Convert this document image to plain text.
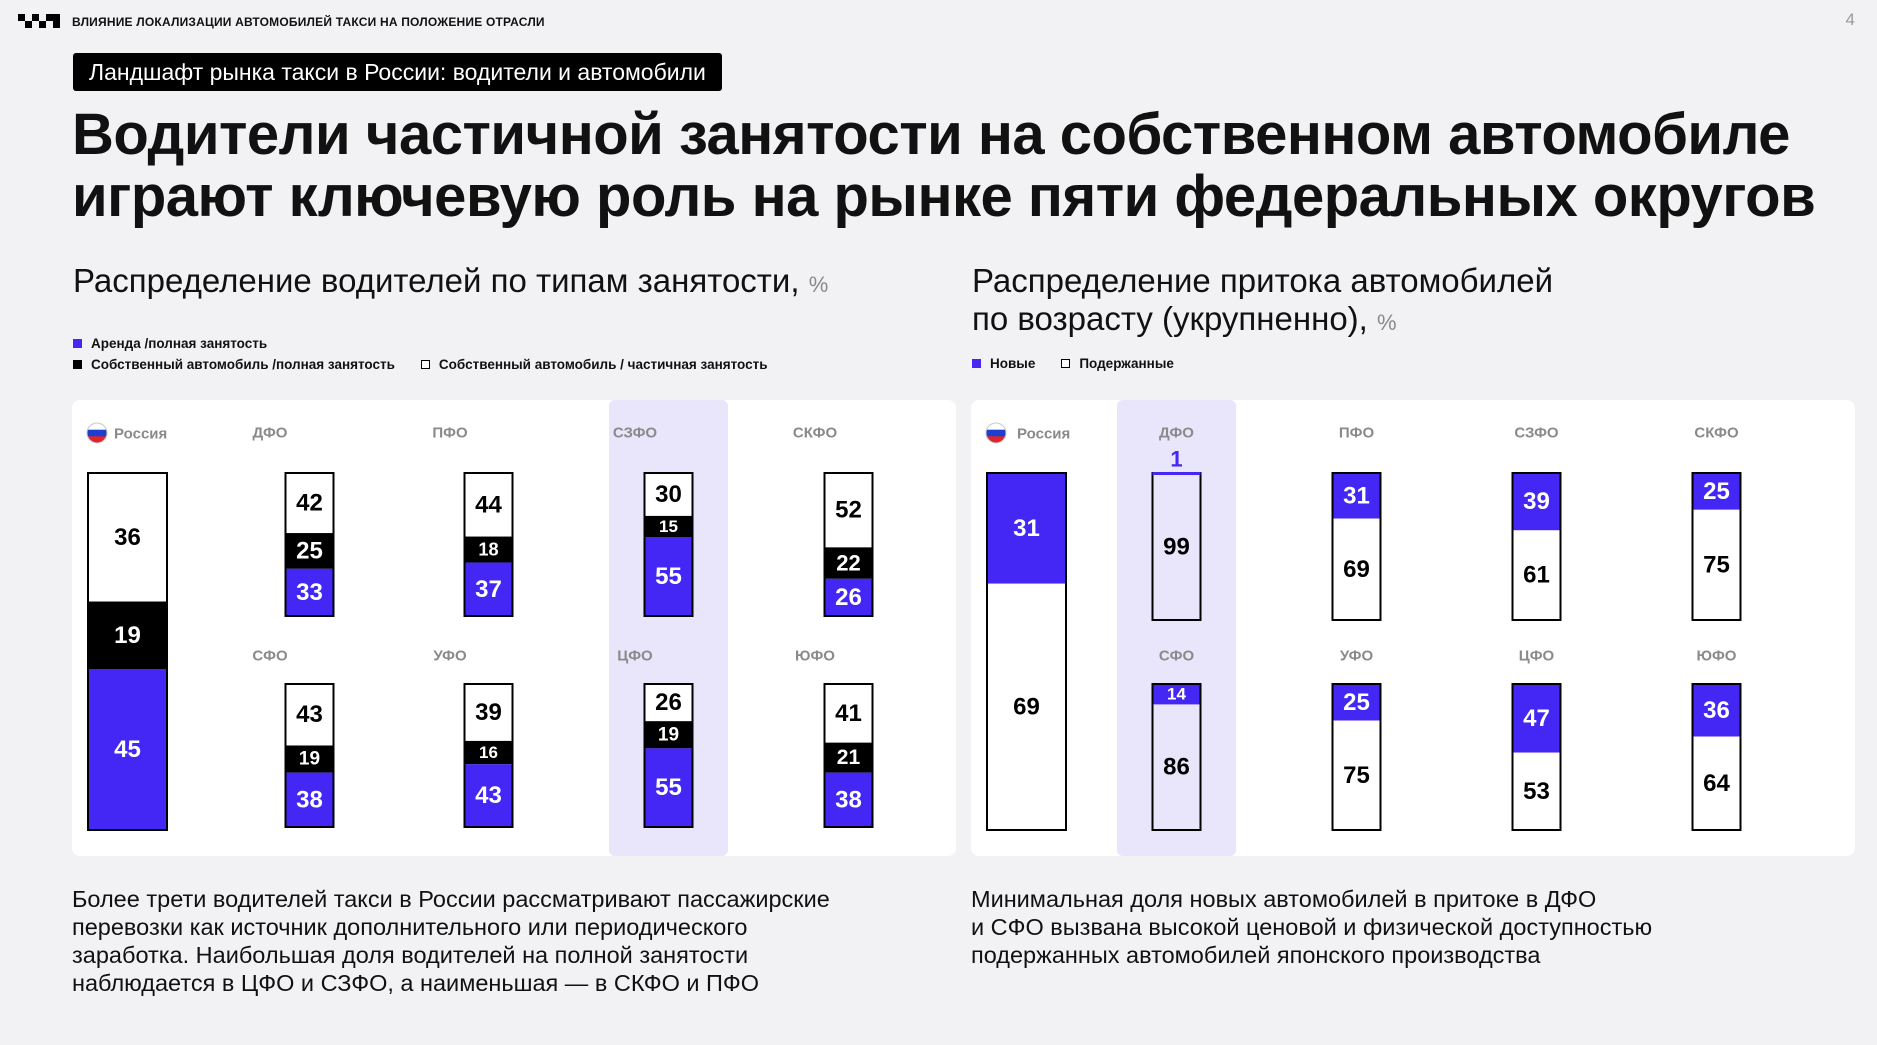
ВЛИЯНИЕ ЛОКАЛИЗАЦИИ АВТОМОБИЛЕЙ ТАКСИ НА ПОЛОЖЕНИЕ ОТРАСЛИ	4
Ландшафт рынка такси в России: водители и автомобили
Водители частичной занятости на собственном автомобиле
играют ключевую роль на рынке пяти федеральных округов
Распределение водителей по типам занятости, %	Распределение притока автомобилей
по возрасту (укрупненно), %
Аренда /полная занятость
Собственный автомобиль /полная занятость	Собственный автомобиль / частичная занятость	Новые	Подержанные
Россия
36
19
45
ДФО
42
25
33
ПФО
44
18
37
СЗФО
30
15
55
СКФО
52
22
26
СФО
43
19
38
УФО
39
16
43
ЦФО
26
19
55
ЮФО
41
21
38
Россия
31
69
ДФО
99
1
ПФО
31
69
СЗФО
39
61
СКФО
25
75
СФО
14
86
УФО
25
75
ЦФО
47
53
ЮФО
36
64
Более трети водителей такси в России рассматривают пассажирские
перевозки как источник дополнительного или периодического
заработка. Наибольшая доля водителей на полной занятости
наблюдается в ЦФО и СЗФО, а наименьшая — в СКФО и ПФО
Минимальная доля новых автомобилей в притоке в ДФО
и СФО вызвана высокой ценовой и физической доступностью
подержанных автомобилей японского производства
